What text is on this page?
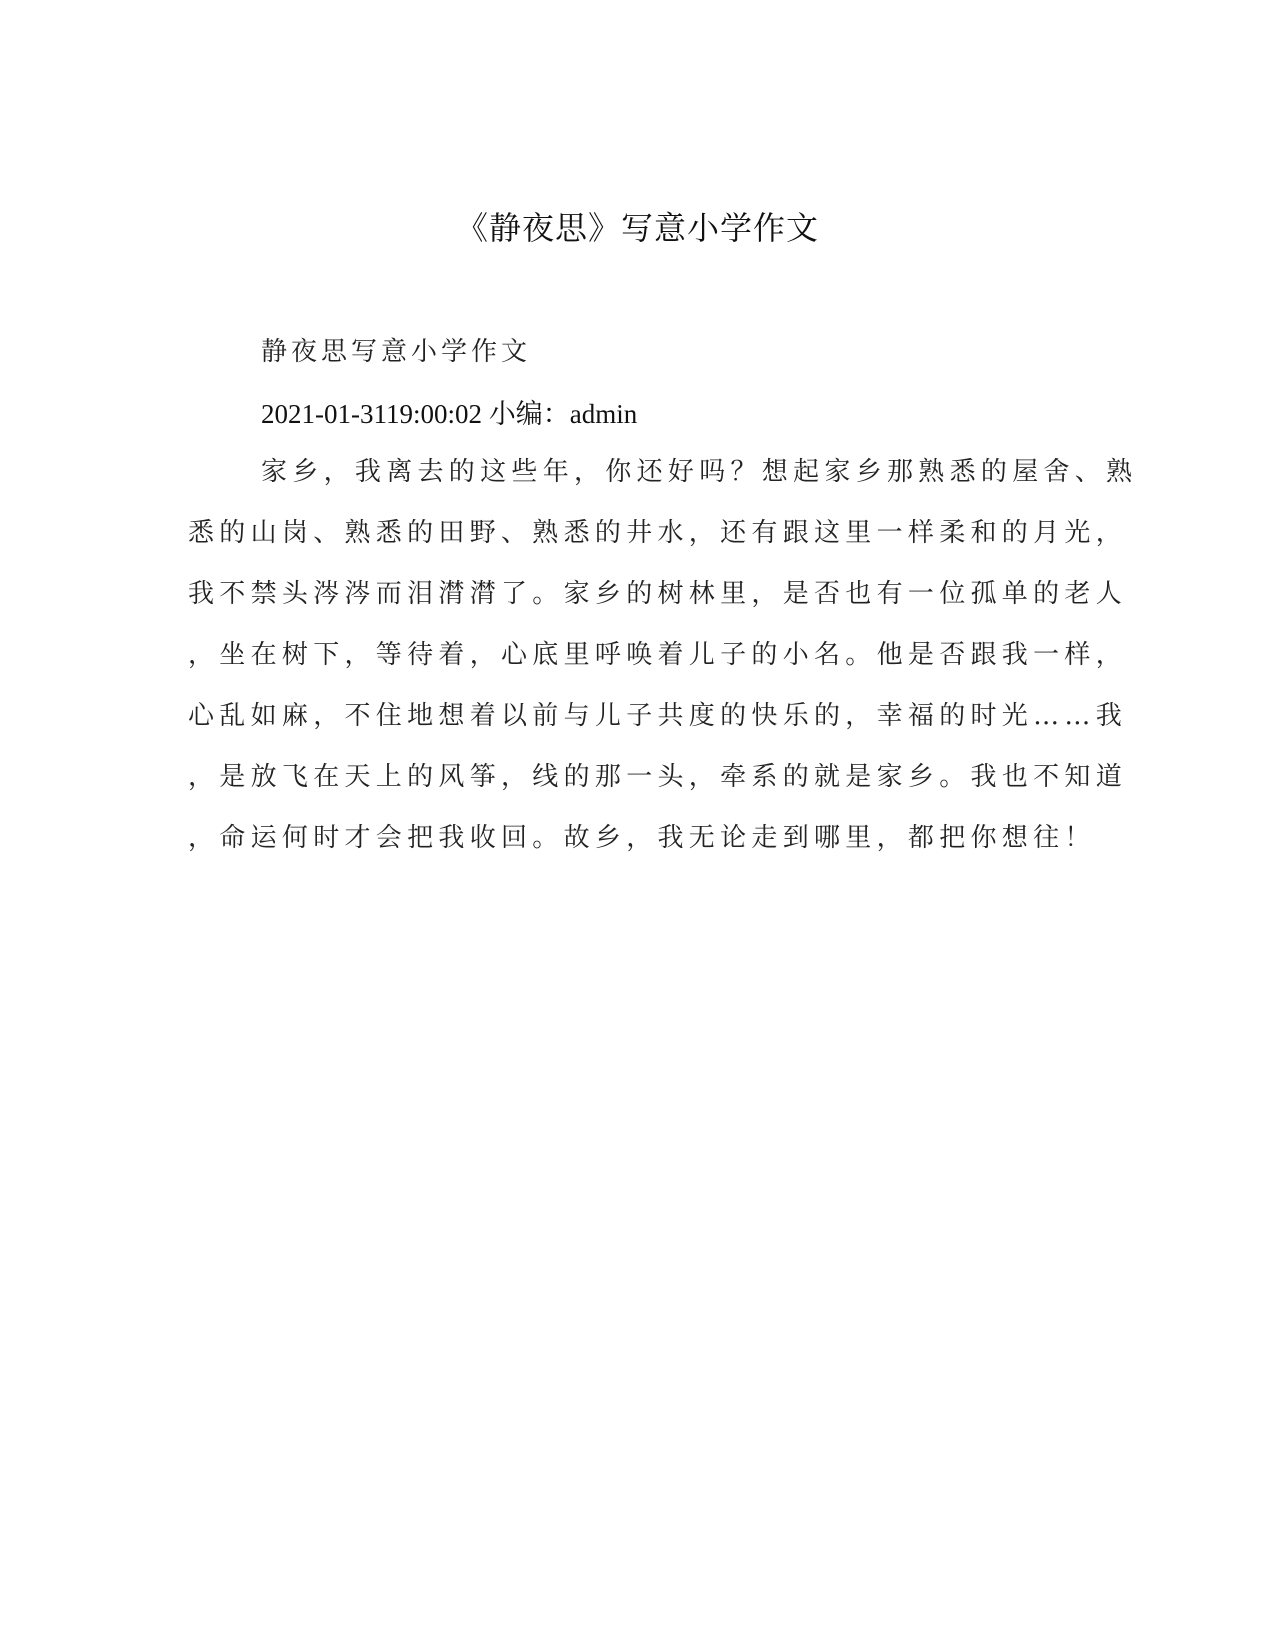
《静夜思》写意小学作文
静夜思写意小学作文
2021-01-3119:00:02 小编：admin
家乡，我离去的这些年，你还好吗？想起家乡那熟悉的屋舍、熟
悉的山岗、熟悉的田野、熟悉的井水，还有跟这里一样柔和的月光，
我不禁头涔涔而泪潸潸了。家乡的树林里，是否也有一位孤单的老人
，坐在树下，等待着，心底里呼唤着儿子的小名。他是否跟我一样，
心乱如麻，不住地想着以前与儿子共度的快乐的，幸福的时光……我
，是放飞在天上的风筝，线的那一头，牵系的就是家乡。我也不知道
，命运何时才会把我收回。故乡，我无论走到哪里，都把你想往！
